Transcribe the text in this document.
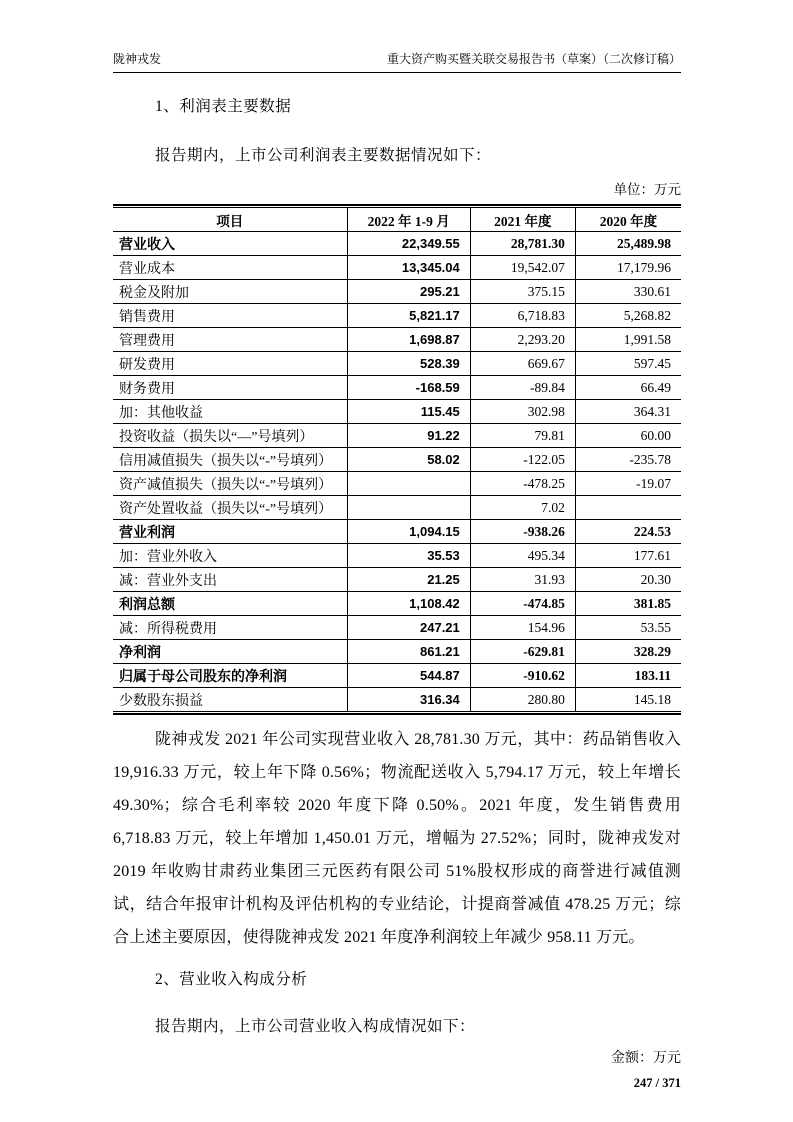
陇神戎发	重大资产购买暨关联交易报告书（草案）（二次修订稿）
1、利润表主要数据

报告期内，上市公司利润表主要数据情况如下：

单位：万元
项目	2022 年 1-9 月	2021 年度	2020 年度
营业收入	22,349.55	28,781.30	25,489.98
营业成本	13,345.04	19,542.07	17,179.96
税金及附加	295.21	375.15	330.61
销售费用	5,821.17	6,718.83	5,268.82
管理费用	1,698.87	2,293.20	1,991.58
研发费用	528.39	669.67	597.45
财务费用	-168.59	-89.84	66.49
加：其他收益	115.45	302.98	364.31
投资收益（损失以“—”号填列）	91.22	79.81	60.00
信用减值损失（损失以“-”号填列）	58.02	-122.05	-235.78
资产减值损失（损失以“-”号填列）		-478.25	-19.07
资产处置收益（损失以“-”号填列）		7.02	
营业利润	1,094.15	-938.26	224.53
加：营业外收入	35.53	495.34	177.61
减：营业外支出	21.25	31.93	20.30
利润总额	1,108.42	-474.85	381.85
减：所得税费用	247.21	154.96	53.55
净利润	861.21	-629.81	328.29
归属于母公司股东的净利润	544.87	-910.62	183.11
少数股东损益	316.34	280.80	145.18

陇神戎发 2021 年公司实现营业收入 28,781.30 万元，其中：药品销售收入 19,916.33 万元，较上年下降 0.56%；物流配送收入 5,794.17 万元，较上年增长 49.30%；综合毛利率较 2020 年度下降 0.50%。2021 年度，发生销售费用 6,718.83 万元，较上年增加 1,450.01 万元，增幅为 27.52%；同时，陇神戎发对 2019 年收购甘肃药业集团三元医药有限公司 51%股权形成的商誉进行减值测试，结合年报审计机构及评估机构的专业结论，计提商誉减值 478.25 万元；综合上述主要原因，使得陇神戎发 2021 年度净利润较上年减少 958.11 万元。

2、营业收入构成分析

报告期内，上市公司营业收入构成情况如下：

金额：万元
247 / 371
